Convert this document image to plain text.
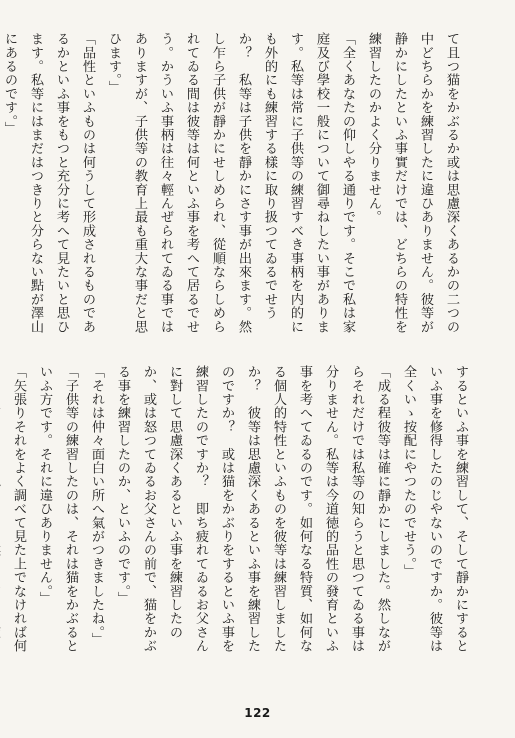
て且つ猫をかぶるか或は思慮深くあるかの二つの中どちらかを練習したに違ひありません。彼等が静かにしたといふ事實だけでは、どちらの特性を練習したのかよく分りません。

「全くあなたの仰しやる通りです。そこで私は家庭及び學校一般について御尋ねしたい事があります。私等は常に子供等の練習すべき事柄を内的にも外的にも練習する樣に取り扱つてゐるでせうか？　私等は子供を靜かにさす事が出來ます。然し乍ら子供が靜かにせしめられ、從順ならしめられてゐる間は彼等は何といふ事を考へて居るでせう。かういふ事柄は往々輕んぜられてゐる事ではありますが、子供等の教育上最も重大な事だと思ひます。」

「品性といふものは何うして形成されるものであるかといふ事をもつと充分に考へて見たいと思ひます。私等にはまだはつきりと分らない點が澤山にあるのです。」

するといふ事を練習して、そして靜かにするといふ事を修得したのじやないのですか。彼等は全くいゝ按配にやつたのでせう。」

「成る程彼等は確に靜かにしました。然しながらそれだけでは私等の知らうと思つてゐる事は分りません。私等は今道徳的品性の發育といふ事を考へてゐるのです。如何なる特質、如何なる個人的特性といふものを彼等は練習しましたか？　彼等は思慮深くあるといふ事を練習したのですか？　或は猫をかぶりをするといふ事を練習したのですか？　即ち疲れてゐるお父さんに對して思慮深くあるといふ事を練習したのか、或は怒つてゐるお父さんの前で、猫をかぶる事を練習したのか、といふのです。」

「それは仲々面白い所へ氣がつきましたね。」

「子供等の練習したのは、それは猫をかぶるといふ方です。それに違ひありません。」

「矢張りそれをよく調べて見た上でなければ何

122
